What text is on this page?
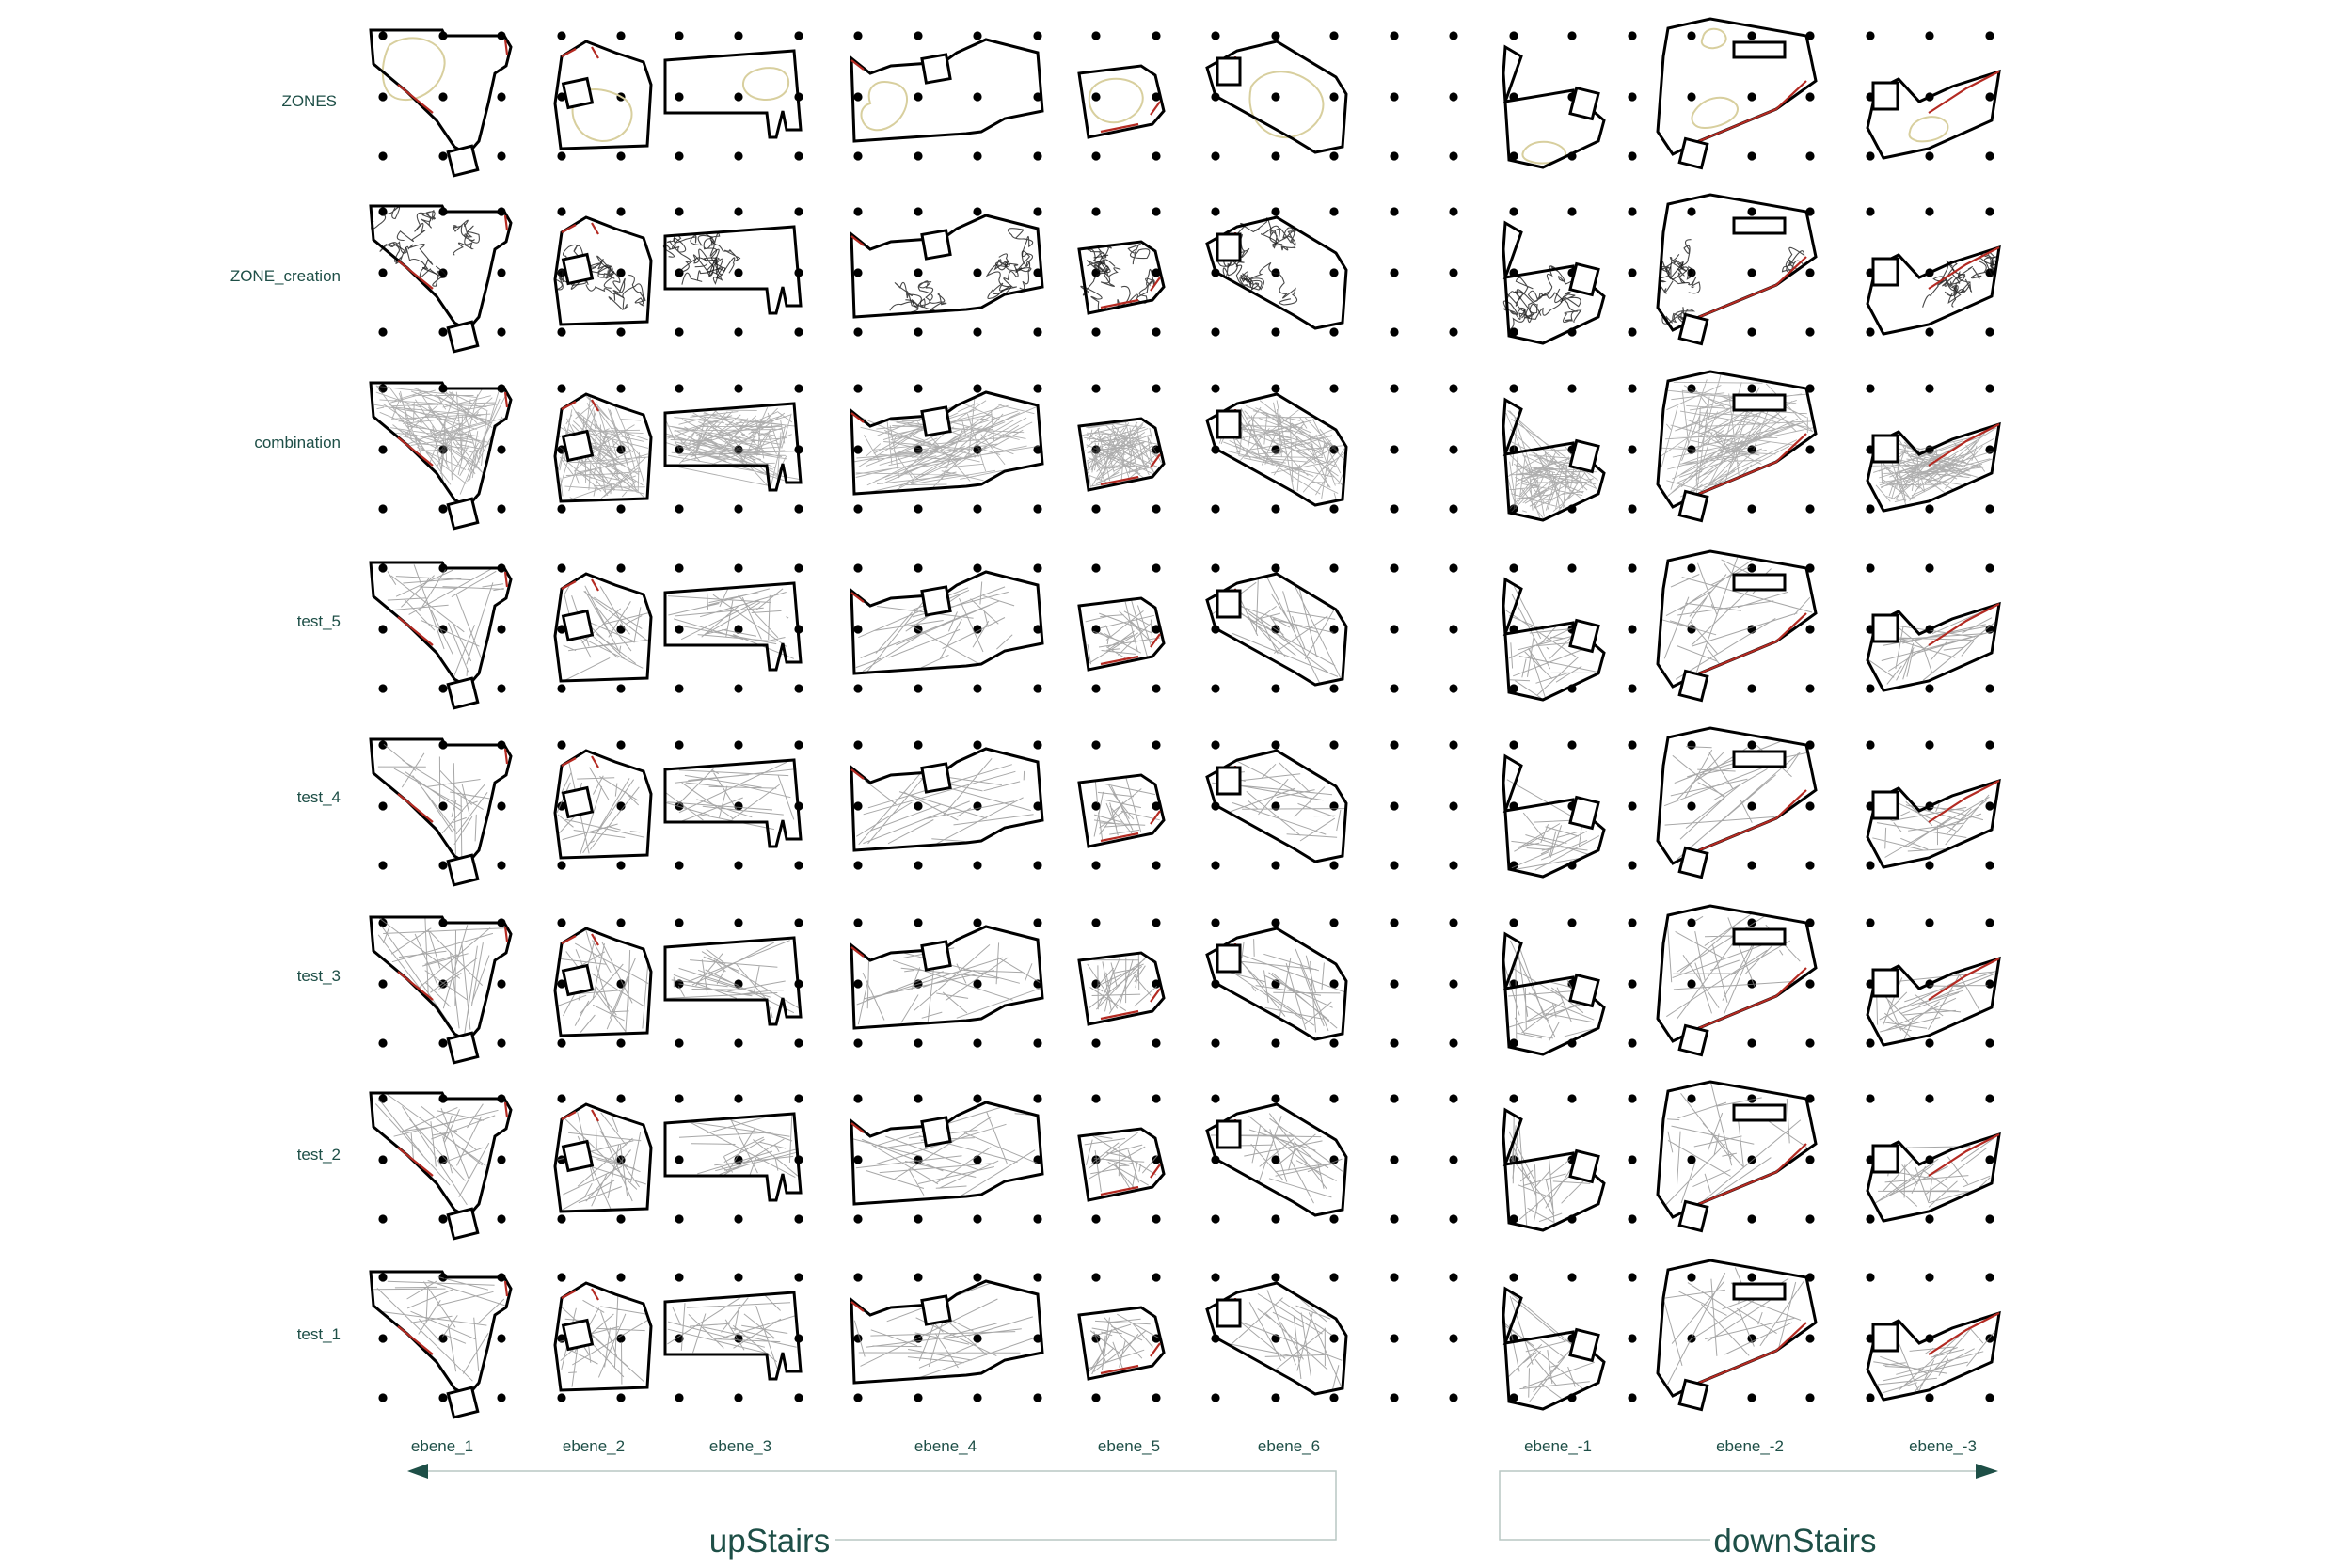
ZONES
ZONE_creation
combination
test_5
test_4
test_3
test_2
test_1
ebene_1	ebene_2	ebene_3	ebene_4	ebene_5	ebene_6	ebene_-1	ebene_-2	ebene_-3
upStairs	downStairs
